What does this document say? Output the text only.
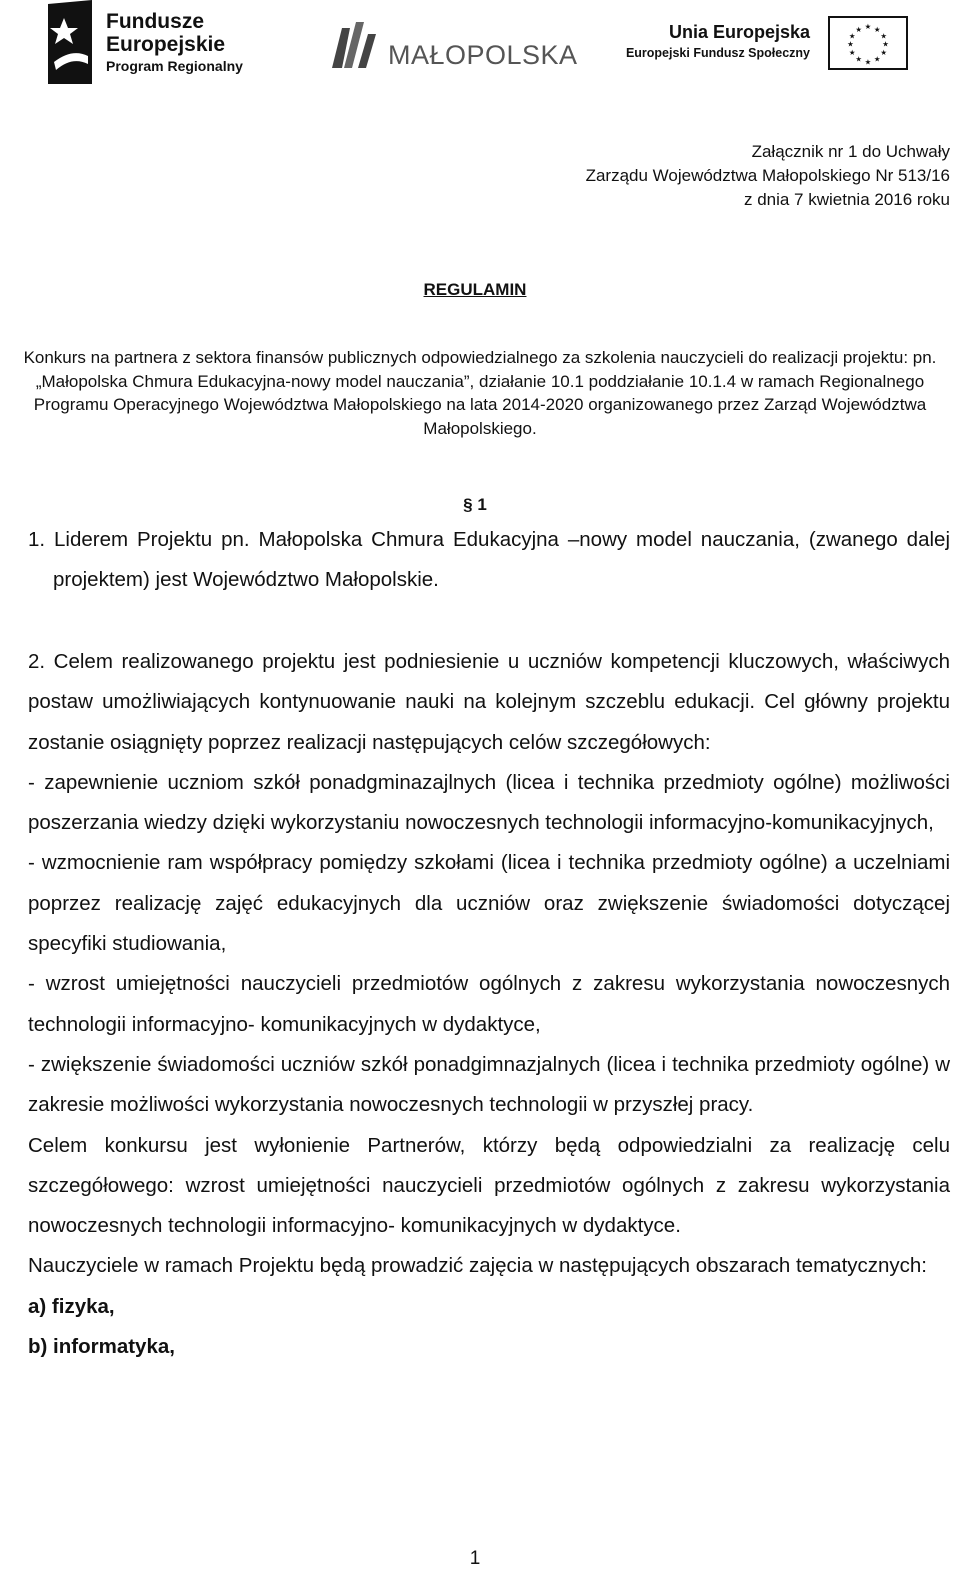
Fundusze
Europejskie
Program Regionalny	MAŁOPOLSKA
Unia Europejska
Europejski Fundusz Społeczny
★ ★
★
★
★
★
★
★
★
★
★
★
Załącznik nr 1 do Uchwały
Zarządu Województwa Małopolskiego Nr 513/16
z dnia 7 kwietnia 2016 roku
REGULAMIN
Konkurs na partnera z sektora finansów publicznych odpowiedzialnego za szkolenia nauczycieli do realizacji projektu: pn. „Małopolska Chmura Edukacyjna-nowy model nauczania”, działanie 10.1 poddziałanie 10.1.4 w ramach Regionalnego Programu Operacyjnego Województwa Małopolskiego na lata 2014-2020 organizowanego przez Zarząd Województwa Małopolskiego.
§ 1
1. Liderem Projektu pn. Małopolska Chmura Edukacyjna –nowy model nauczania, (zwanego dalej projektem) jest Województwo Małopolskie.

2. Celem realizowanego projektu jest podniesienie u uczniów kompetencji kluczowych, właściwych postaw umożliwiających kontynuowanie nauki na kolejnym szczeblu edukacji. Cel główny projektu zostanie osiągnięty poprzez realizacji następujących celów szczegółowych:

- zapewnienie uczniom szkół ponadgminazajlnych (licea i technika przedmioty ogólne) możliwości poszerzania wiedzy dzięki wykorzystaniu nowoczesnych technologii informacyjno-komunikacyjnych,

- wzmocnienie ram współpracy pomiędzy szkołami (licea i technika przedmioty ogólne) a uczelniami poprzez realizację zajęć edukacyjnych dla uczniów oraz zwiększenie świadomości dotyczącej specyfiki studiowania,

- wzrost umiejętności nauczycieli przedmiotów ogólnych z zakresu wykorzystania nowoczesnych technologii informacyjno- komunikacyjnych w dydaktyce,

- zwiększenie świadomości uczniów szkół ponadgimnazjalnych (licea i technika przedmioty ogólne) w zakresie możliwości wykorzystania nowoczesnych technologii w przyszłej pracy.

Celem konkursu jest wyłonienie Partnerów, którzy będą odpowiedzialni za realizację celu szczegółowego: wzrost umiejętności nauczycieli przedmiotów ogólnych z zakresu wykorzystania nowoczesnych technologii informacyjno- komunikacyjnych w dydaktyce.

Nauczyciele w ramach Projektu będą prowadzić zajęcia w następujących obszarach tematycznych:

a) fizyka,

b) informatyka,

1
